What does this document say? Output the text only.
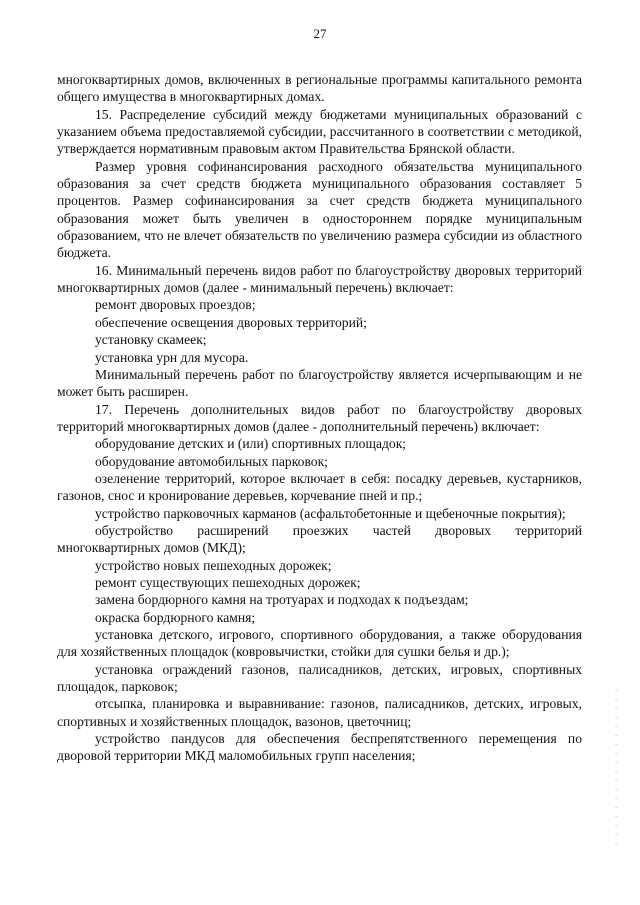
27

многоквартирных домов, включенных в региональные программы капитального ремонта общего имущества в многоквартирных домах.

15. Распределение субсидий между бюджетами муниципальных образований с указанием объема предоставляемой субсидии, рассчитанного в соответствии с методикой, утверждается нормативным правовым актом Правительства Брянской области.

Размер уровня софинансирования расходного обязательства муниципального образования за счет средств бюджета муниципального образования составляет 5 процентов. Размер софинансирования за счет средств бюджета муниципального образования может быть увеличен в одностороннем порядке муниципальным образованием, что не влечет обязательств по увеличению размера субсидии из областного бюджета.

16. Минимальный перечень видов работ по благоустройству дворовых территорий многоквартирных домов (далее - минимальный перечень) включает:

ремонт дворовых проездов;

обеспечение освещения дворовых территорий;

установку скамеек;

установка урн для мусора.

Минимальный перечень работ по благоустройству является исчерпывающим и не может быть расширен.

17. Перечень дополнительных видов работ по благоустройству дворовых территорий многоквартирных домов (далее - дополнительный перечень) включает:

оборудование детских и (или) спортивных площадок;

оборудование автомобильных парковок;

озеленение территорий, которое включает в себя: посадку деревьев, кустарников, газонов, снос и кронирование деревьев, корчевание пней и пр.;

устройство парковочных карманов (асфальтобетонные и щебеночные покрытия);

обустройство расширений проезжих частей дворовых территорий многоквартирных домов (МКД);

устройство новых пешеходных дорожек;

ремонт существующих пешеходных дорожек;

замена бордюрного камня на тротуарах и подходах к подъездам;

окраска бордюрного камня;

установка детского, игрового, спортивного оборудования, а также оборудования для хозяйственных площадок (ковровычистки, стойки для сушки белья и др.);

установка ограждений газонов, палисадников, детских, игровых, спортивных площадок, парковок;

отсыпка, планировка и выравнивание: газонов, палисадников, детских, игровых, спортивных и хозяйственных площадок, вазонов, цветочниц;

устройство пандусов для обеспечения беспрепятственного перемещения по дворовой территории МКД маломобильных групп населения;
